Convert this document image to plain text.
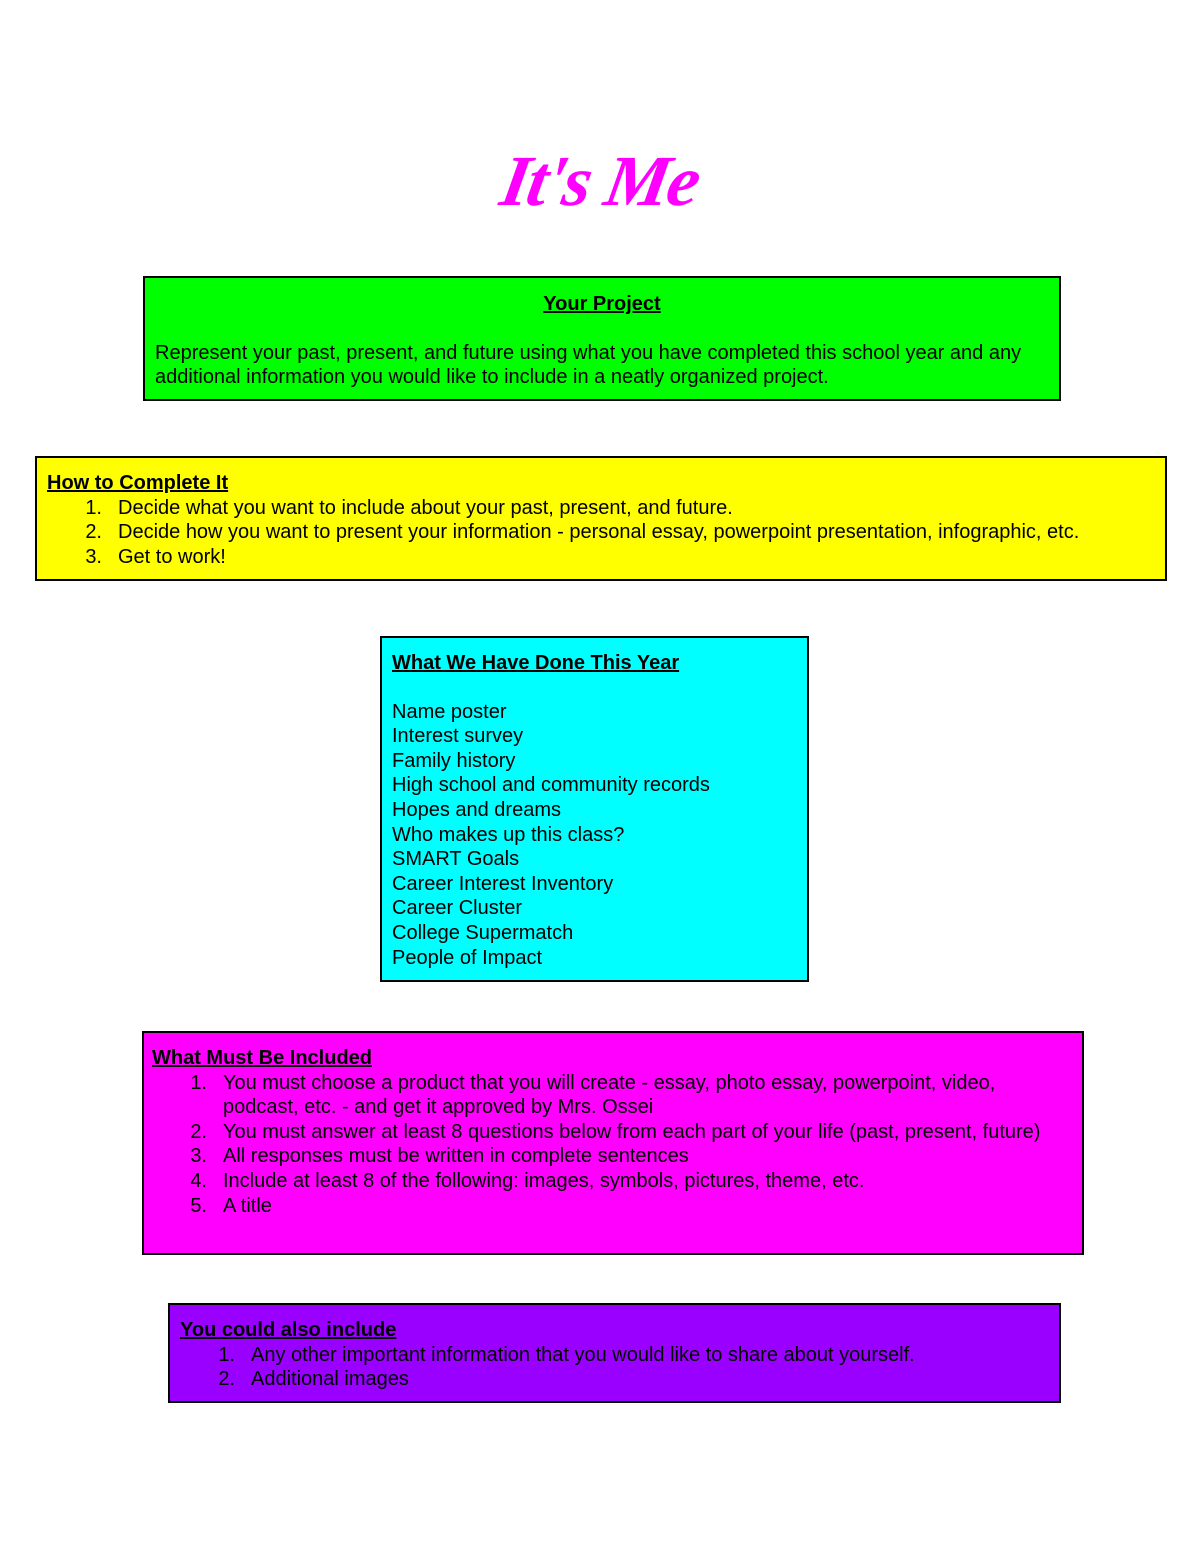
It's Me
Your Project
Represent your past, present, and future using what you have completed this school year and any additional information you would like to include in a neatly organized project.
How to Complete It
1. Decide what you want to include about your past, present, and future.
2. Decide how you want to present your information - personal essay, powerpoint presentation, infographic, etc.
3. Get to work!
What We Have Done This Year
Name poster
Interest survey
Family history
High school and community records
Hopes and dreams
Who makes up this class?
SMART Goals
Career Interest Inventory
Career Cluster
College Supermatch
People of Impact
What Must Be Included
1. You must choose a product that you will create - essay, photo essay, powerpoint, video, podcast, etc. - and get it approved by Mrs. Ossei
2. You must answer at least 8 questions below from each part of your life (past, present, future)
3. All responses must be written in complete sentences
4. Include at least 8 of the following: images, symbols, pictures, theme, etc.
5. A title
You could also include
1. Any other important information that you would like to share about yourself.
2. Additional images
